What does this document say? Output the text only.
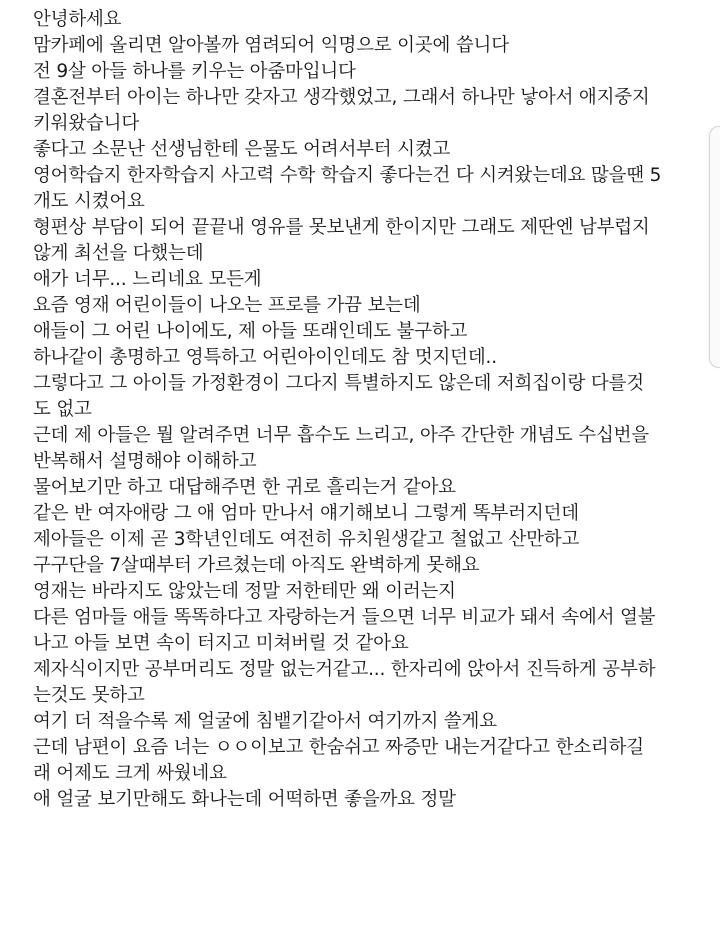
안녕하세요
맘카페에 올리면 알아볼까 염려되어 익명으로 이곳에 씁니다
전 9살 아들 하나를 키우는 아줌마입니다
결혼전부터 아이는 하나만 갖자고 생각했었고, 그래서 하나만 낳아서 애지중지
키워왔습니다
좋다고 소문난 선생님한테 은물도 어려서부터 시켰고
영어학습지 한자학습지 사고력 수학 학습지 좋다는건 다 시켜왔는데요 많을땐 5
개도 시켰어요
형편상 부담이 되어 끝끝내 영유를 못보낸게 한이지만 그래도 제딴엔 남부럽지
않게 최선을 다했는데
애가 너무... 느리네요 모든게
요즘 영재 어린이들이 나오는 프로를 가끔 보는데
애들이 그 어린 나이에도, 제 아들 또래인데도 불구하고
하나같이 총명하고 영특하고 어린아이인데도 참 멋지던데..
그렇다고 그 아이들 가정환경이 그다지 특별하지도 않은데 저희집이랑 다를것
도 없고
근데 제 아들은 뭘 알려주면 너무 흡수도 느리고, 아주 간단한 개념도 수십번을
반복해서 설명해야 이해하고
물어보기만 하고 대답해주면 한 귀로 흘리는거 같아요
같은 반 여자애랑 그 애 엄마 만나서 얘기해보니 그렇게 똑부러지던데
제아들은 이제 곧 3학년인데도 여전히 유치원생같고 철없고 산만하고
구구단을 7살때부터 가르쳤는데 아직도 완벽하게 못해요
영재는 바라지도 않았는데 정말 저한테만 왜 이러는지
다른 엄마들 애들 똑똑하다고 자랑하는거 들으면 너무 비교가 돼서 속에서 열불
나고 아들 보면 속이 터지고 미쳐버릴 것 같아요
제자식이지만 공부머리도 정말 없는거같고... 한자리에 앉아서 진득하게 공부하
는것도 못하고
여기 더 적을수록 제 얼굴에 침뱉기같아서 여기까지 쓸게요
근데 남편이 요즘 너는 ㅇㅇ이보고 한숨쉬고 짜증만 내는거같다고 한소리하길
래 어제도 크게 싸웠네요
애 얼굴 보기만해도 화나는데 어떡하면 좋을까요 정말
